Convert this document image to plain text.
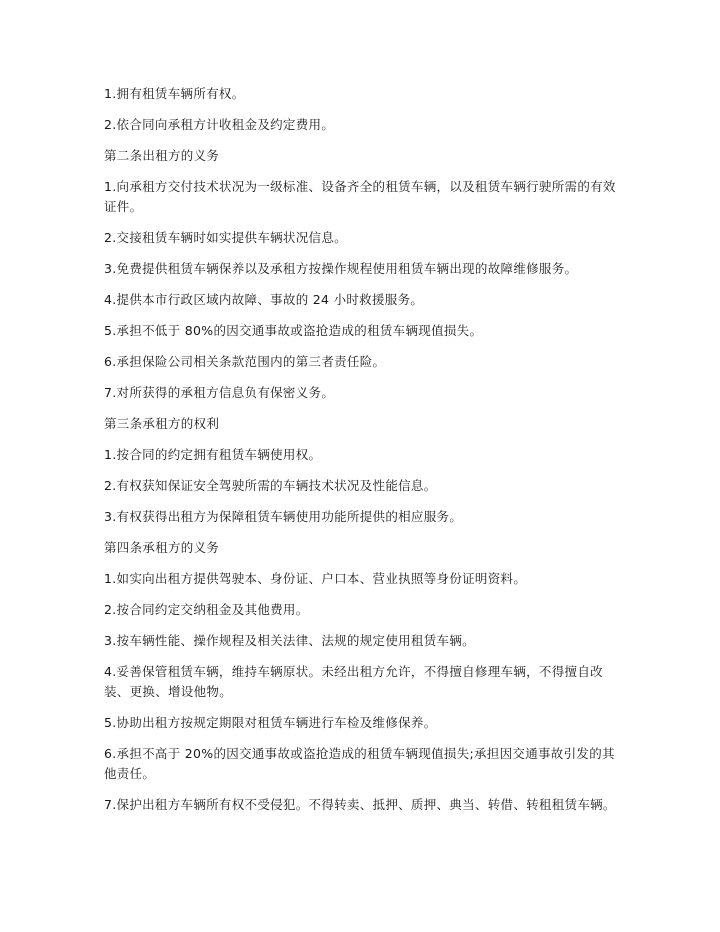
1.拥有租赁车辆所有权。

2.依合同向承租方计收租金及约定费用。

第二条出租方的义务

1.向承租方交付技术状况为一级标准、设备齐全的租赁车辆，以及租赁车辆行驶所需的有效证件。

2.交接租赁车辆时如实提供车辆状况信息。

3.免费提供租赁车辆保养以及承租方按操作规程使用租赁车辆出现的故障维修服务。

4.提供本市行政区域内故障、事故的 24 小时救援服务。

5.承担不低于 80%的因交通事故或盗抢造成的租赁车辆现值损失。

6.承担保险公司相关条款范围内的第三者责任险。

7.对所获得的承租方信息负有保密义务。

第三条承租方的权利

1.按合同的约定拥有租赁车辆使用权。

2.有权获知保证安全驾驶所需的车辆技术状况及性能信息。

3.有权获得出租方为保障租赁车辆使用功能所提供的相应服务。

第四条承租方的义务

1.如实向出租方提供驾驶本、身份证、户口本、营业执照等身份证明资料。

2.按合同约定交纳租金及其他费用。

3.按车辆性能、操作规程及相关法律、法规的规定使用租赁车辆。

4.妥善保管租赁车辆，维持车辆原状。未经出租方允许，不得擅自修理车辆，不得擅自改装、更换、增设他物。

5.协助出租方按规定期限对租赁车辆进行车检及维修保养。

6.承担不高于 20%的因交通事故或盗抢造成的租赁车辆现值损失;承担因交通事故引发的其他责任。

7.保护出租方车辆所有权不受侵犯。不得转卖、抵押、质押、典当、转借、转租租赁车辆。
